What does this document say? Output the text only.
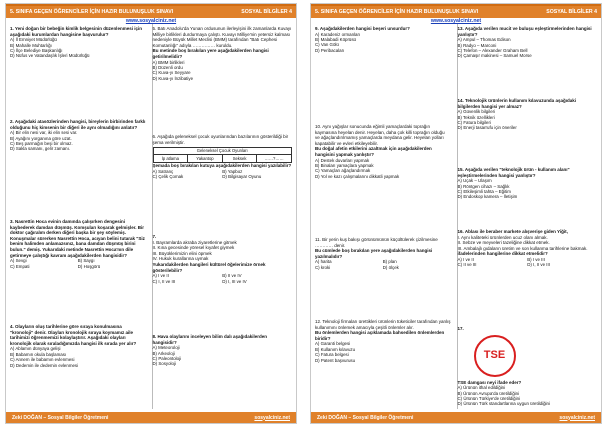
5. SINIFA GEÇEN ÖĞRENCİLER İÇİN HAZIR BULUNUŞLUK SINAVI	SOSYAL BİLGİLER 4
www.sosyalciniz.net
1. Yeni doğan bir bebeğin kimlik belgesinin düzenlenmesi için aşağıdaki kurumlardan hangisine başvurulur?
A) İl Emniyet Müdürlüğü
B) Mahalle Muhtarlığı
C) İlçe Belediye Başkanlığı
D) Nüfus ve Vatandaşlık İşleri Müdürlüğü
2. Aşağıdaki atasözlerinden hangisi, bireylerin birbirinden farklı olduğunu hiç kimsenin bir diğeri ile aynı olmadığını anlatır?
A) Bir elin nesi var, iki elin sesi var.
B) Ayağını yorganına göre uzat.
C) Beş parmağın beşi bir olmaz.
D) Sakla samanı, gelir zamanı.
3. Nasrettin Hoca evinin damında çalışırken dengesini kaybederek damdan düşmüş. Komşuları koşarak gelmişler. Bir doktor çağıralım derken diğeri başka bir şey söylemiş. Konuşmalar sürerken Nasrettin Hoca, acıyan belini tutarak "Siz benim halimden anlamazsınız, bana damdan düşmüş birini bulun." demiş. Yukarıdaki metinde Nasrettin Hoca'nın dile getirmeye çalıştığı kavram aşağıdakilerden hangisidir?
A) Sevgi	B) Saygı
C) Empati	D) Hoşgörü
4. Olayların oluş tarihlerine göre sıraya konulmasına "kronoloji" denir. Olayları kronolojik sıraya koymamız aile tarihimizi öğrenmemizi kolaylaştırır. Aşağıdaki olayları kronolojik olarak sıraladığımızda hangisi ilk sırada yer alır?
A) Ablamın dünyaya gelişi
B) Babamın okula başlaması
C) Annem ile babamın evlenmesi
D) Dedemin ile dedemin evlenmesi
5. Batı Anadolu'da Yunan ordusunun ilerleyişini ilk zamanlarda Kuvayı Milliye birlikleri durdurmaya çalıştı. Kuvayı Milliye'nin yetersiz kalması nedeniyle Büyük Millet Meclisi (BMM) tarafından "Batı Cephesi Komutanlığı" adıyla …………… kuruldu.
Bu metinde boş bırakılan yere aşağıdakilerden hangisi getirilmelidir?
A) BMM birlikleri
B) Düzenli ordu
C) Kuva-yı Seyyare
D) Kuva-yı İnzibatiye
6. Aşağıda geleneksel çocuk oyunlarından bazılarının gösterildiği bir şema verilmiştir.
Geleneksel Çocuk Oyunları
İp atlama	Yakantop	Seksek	……?……
Şemada boş bırakılan kutuya aşağıdakilerden hangisi yazılabilir?
A) Satranç	B) Yapboz
C) Çelik Çomak	D) Bilgisayar Oyunu
7.
I. Bayramlarda akraba ziyaretlerine gitmek
II. Kına gecesinde yöresel kıyafet giymek
III. Büyüklerimizin elini öpmek
IV. Hukuk kurallarına uymak
Yukarıdakilerden hangileri kültürel öğelerimize örnek gösterilebilir?
A) I ve II	B) II ve IV
C) I, II ve III	D) I, III ve IV
8. Hava olaylarını inceleyen bilim dalı aşağıdakilerden hangisidir?
A) Meteoroloji
B) Arkeoloji
C) Paleontoloji
D) Sosyoloji
Zeki DOĞAN – Sosyal Bilgiler Öğretmeni	sosyalciniz.net
5. SINIFA GEÇEN ÖĞRENCİLER İÇİN HAZIR BULUNUŞLUK SINAVI	SOSYAL BİLGİLER 4
www.sosyalciniz.net
9. Aşağıdakilerden hangisi beşeri unsurdur?
A) Karadeniz ormanları
B) Malabadi Köprüsü
C) Van Gölü
D) Peribacaları
10. Aynı yağışlar sonucunda eğimli yamaçlardaki toprağın kaymasına heyelan denir. Heyelan, daha çok killi toprağın olduğu ve ağaçlandırılmamış yamaçlarda meydana gelir. Heyelan yolları kapatabilir ve evleri etkileyebilir.
Bu doğal afetin etkilerini azaltmak için aşağıdakilerden hangisini yapmak yanlıştır?
A) Destek duvarları yapmak
B) Binaları yamaçlara yapmak
C) Yamaçları ağaçlandırmak
D) Yol ve kazı çalışmalarını dikkatli yapmak
11. Bir yerin kuş bakışı görünümünün küçültülerek çizilmesine ………… denir.
Bu cümlede boş bırakılan yere aşağıdakilerden hangisi yazılmalıdır?
A) harita	B) plan
C) kroki	D) ölçek
12. Teknoloji firmaları ürettikleri ürünlerin tüketiciler tarafından yanlış kullanımını önlemek amacıyla çeşitli önlemler alır.
Bu önlemlerden hangisi açıklamada bahsedilen önlemlerden biridir?
A) Garanti belgesi
B) Kullanım kılavuzu
C) Fatura belgesi
D) Patent başvurusu
13. Aşağıda verilen mucit ve buluşu eşleştirmelerinden hangisi yanlıştır?
A) Ampul – Thomas Edison
B) Radyo – Marconi
C) Telefon – Alexander Graham Bell
D) Çamaşır makinesi – Samuel Morse
14. Teknolojik ürünlerin kullanım kılavuzunda aşağıdaki bilgilerden hangisi yer almaz?
A) Güvenlik bilgileri
B) Teknik özellikleri
C) Fatura bilgileri
D) Enerji tasarrufu için öneriler
15. Aşağıda verilen "teknolojik ürün - kullanım alanı" eşleştirmelerinden hangisi yanlıştır?
A) Uçak – Ulaşım
B) Röntgen cihazı – Sağlık
C) Etkileşimli tahta – Eğitim
D) Endoskop kamera – İletişim
16. Ablası ile beraber markete alışverişe giden Yiğit,
I. Aynı kaliteteki ürünlerden ucuz olanı almak.
II. Sebze ve meyveleri tazeliğine dikkat etmek.
III. Ambalajlı gıdaların üretim ve son kullanma tarihlerine bakmak.
ifadelerinden hangilerine dikkat etmelidir?
A) I ve II	B) I ve III
C) II ve III	D) I, II ve III
17.
TSE
TSE damgası neyi ifade eder?
A) Ürünün ithal edildiğini
B) Ürünün Avrupa'da üretildiğini
C) Ürünün Türkiye'de üretildiğini
D) Ürünün Türk standartlarına uygun üretildiğini
Zeki DOĞAN – Sosyal Bilgiler Öğretmeni	sosyalciniz.net
